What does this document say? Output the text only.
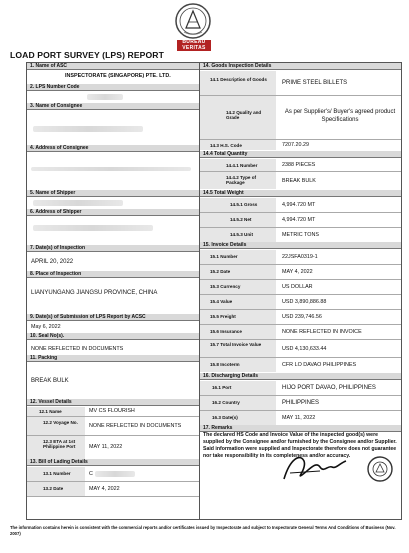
BUREAU
VERITAS
LOAD PORT SURVEY (LPS) REPORT
1. Name of ASC
INSPECTORATE (SINGAPORE) PTE. LTD.
2. LPS Number Code
3. Name of Consignee
4. Address of Consignee
5. Name of Shipper
6. Address of Shipper
7. Date(s) of Inspection
APRIL 20, 2022
8. Place of Inspection
LIANYUNGANG JIANGSU PROVINCE, CHINA
9. Date(s) of Submission of LPS Report by ACSC
May 6, 2022
10. Seal No(s).
NONE REFLECTED IN DOCUMENTS
11. Packing
BREAK BULK
12. Vessel Details
12.1 Name	MV CS FLOURISH
12.2 Voyage No.
NONE REFLECTED IN DOCUMENTS
12.3 ETA at 1st Philippine Port	MAY 11, 2022
13. Bill of Lading Details
13.1 Number	C
13.2 Date	MAY 4, 2022
14. Goods Inspection Details
14.1 Description of Goods
PRIME STEEL BILLETS
14.2 Quality and Grade
As per Supplier's/ Buyer's agreed product Specifications
14.3 H.S. Code	7207.20.29
14.4 Total Quantity
14.4.1 Number	2388 PIECES
14.4.2 Type of Package	BREAK BULK
14.5 Total Weight
14.5.1 Gross	4,994.720 MT
14.5.2 Net	4,994.720 MT
14.5.3 Unit	METRIC TONS
15. Invoice Details
15.1 Number	22JSFA0319-1
15.2 Date	MAY 4, 2022
15.3 Currency	US DOLLAR
15.4 Value	USD 3,890,886.88
15.5 Freight	USD 239,746.56
15.6 Insurance	NONE REFLECTED IN INVOICE
15.7 Total Invoice Value
USD 4,130,633.44
15.8 Incoterm	CFR LO DAVAO PHILIPPINES
16. Discharging Details
16.1 Port	HIJO PORT DAVAO, PHILIPPINES
16.2 Country	PHILIPPINES
16.3 Date(s)	MAY 11, 2022
17. Remarks
The declared HS Code and Invoice Value of the inspected good(s) were supplied by the Consignee and/or furnished by the Consignee and/or Supplier. Said information were supplied and Inspectorate therefore does not guarantee nor take responsibility in its completeness and/or accuracy.
The information contains herein is consistent with the commercial reports and/or certificates issued by Inspectorate and subject to Inspectorate General Terms And Conditions of Business (Nov. 2007)
